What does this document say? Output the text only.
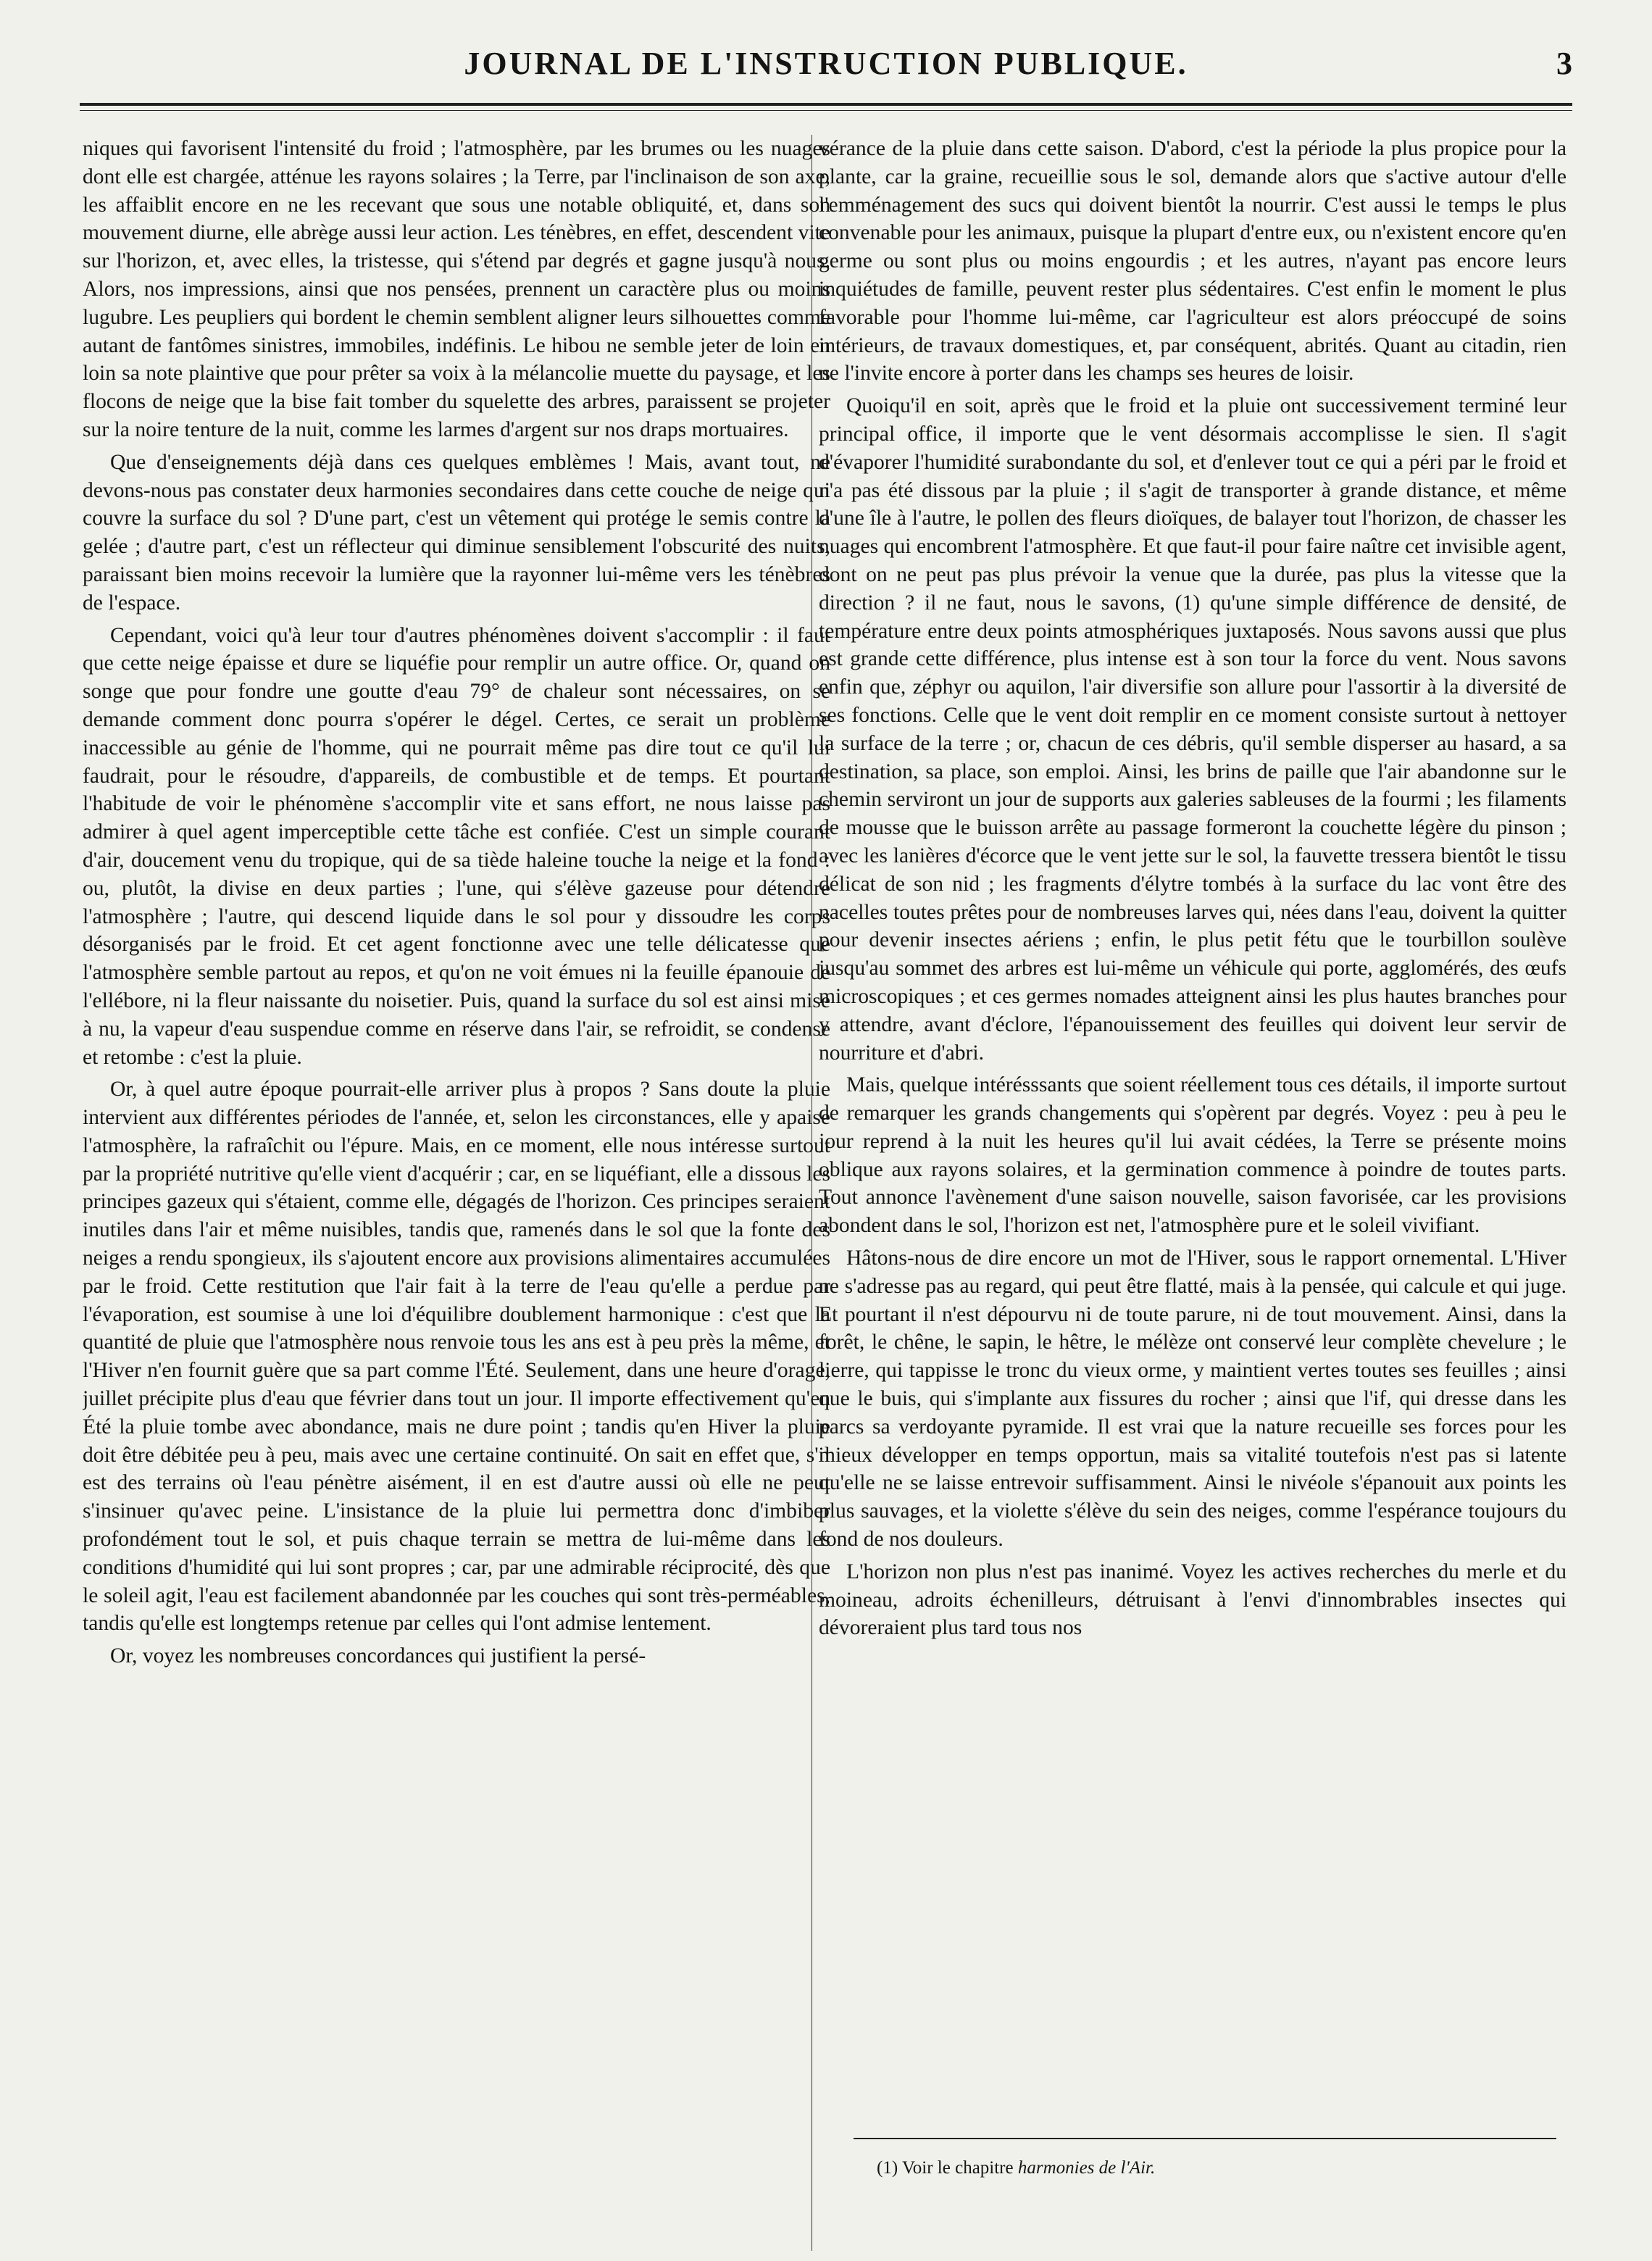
JOURNAL DE L'INSTRUCTION PUBLIQUE.	3

niques qui favorisent l'intensité du froid ; l'atmosphère, par les brumes ou les nuages dont elle est chargée, atténue les rayons solaires ; la Terre, par l'inclinaison de son axe, les affaiblit encore en ne les recevant que sous une notable obliquité, et, dans son mouvement diurne, elle abrège aussi leur action. Les ténèbres, en effet, descendent vite sur l'horizon, et, avec elles, la tristesse, qui s'étend par degrés et gagne jusqu'à nous. Alors, nos impressions, ainsi que nos pensées, prennent un caractère plus ou moins lugubre. Les peupliers qui bordent le chemin semblent aligner leurs silhouettes comme autant de fantômes sinistres, immobiles, indéfinis. Le hibou ne semble jeter de loin en loin sa note plaintive que pour prêter sa voix à la mélancolie muette du paysage, et les flocons de neige que la bise fait tomber du squelette des arbres, paraissent se projeter sur la noire tenture de la nuit, comme les larmes d'argent sur nos draps mortuaires.

Que d'enseignements déjà dans ces quelques emblèmes ! Mais, avant tout, ne devons-nous pas constater deux harmonies secondaires dans cette couche de neige qui couvre la surface du sol ? D'une part, c'est un vêtement qui protége le semis contre la gelée ; d'autre part, c'est un réflecteur qui diminue sensiblement l'obscurité des nuits, paraissant bien moins recevoir la lumière que la rayonner lui-même vers les ténèbres de l'espace.

Cependant, voici qu'à leur tour d'autres phénomènes doivent s'accomplir : il faut que cette neige épaisse et dure se liquéfie pour remplir un autre office. Or, quand on songe que pour fondre une goutte d'eau 79° de chaleur sont nécessaires, on se demande comment donc pourra s'opérer le dégel. Certes, ce serait un problème inaccessible au génie de l'homme, qui ne pourrait même pas dire tout ce qu'il lui faudrait, pour le résoudre, d'appareils, de combustible et de temps. Et pourtant l'habitude de voir le phénomène s'accomplir vite et sans effort, ne nous laisse pas admirer à quel agent imperceptible cette tâche est confiée. C'est un simple courant d'air, doucement venu du tropique, qui de sa tiède haleine touche la neige et la fond : ou, plutôt, la divise en deux parties ; l'une, qui s'élève gazeuse pour détendre l'atmosphère ; l'autre, qui descend liquide dans le sol pour y dissoudre les corps désorganisés par le froid. Et cet agent fonctionne avec une telle délicatesse que l'atmosphère semble partout au repos, et qu'on ne voit émues ni la feuille épanouie de l'ellébore, ni la fleur naissante du noisetier. Puis, quand la surface du sol est ainsi mise à nu, la vapeur d'eau suspendue comme en réserve dans l'air, se refroidit, se condense et retombe : c'est la pluie.

Or, à quel autre époque pourrait-elle arriver plus à propos ? Sans doute la pluie intervient aux différentes périodes de l'année, et, selon les circonstances, elle y apaise l'atmosphère, la rafraîchit ou l'épure. Mais, en ce moment, elle nous intéresse surtout par la propriété nutritive qu'elle vient d'acquérir ; car, en se liquéfiant, elle a dissous les principes gazeux qui s'étaient, comme elle, dégagés de l'horizon. Ces principes seraient inutiles dans l'air et même nuisibles, tandis que, ramenés dans le sol que la fonte des neiges a rendu spongieux, ils s'ajoutent encore aux provisions alimentaires accumulées par le froid. Cette restitution que l'air fait à la terre de l'eau qu'elle a perdue par l'évaporation, est soumise à une loi d'équilibre doublement harmonique : c'est que la quantité de pluie que l'atmosphère nous renvoie tous les ans est à peu près la même, et l'Hiver n'en fournit guère que sa part comme l'Été. Seulement, dans une heure d'orage, juillet précipite plus d'eau que février dans tout un jour. Il importe effectivement qu'en Été la pluie tombe avec abondance, mais ne dure point ; tandis qu'en Hiver la pluie doit être débitée peu à peu, mais avec une certaine continuité. On sait en effet que, s'il est des terrains où l'eau pénètre aisément, il en est d'autre aussi où elle ne peut s'insinuer qu'avec peine. L'insistance de la pluie lui permettra donc d'imbiber profondément tout le sol, et puis chaque terrain se mettra de lui-même dans les conditions d'humidité qui lui sont propres ; car, par une admirable réciprocité, dès que le soleil agit, l'eau est facilement abandonnée par les couches qui sont très-perméables, tandis qu'elle est longtemps retenue par celles qui l'ont admise lentement.

Or, voyez les nombreuses concordances qui justifient la persé-

vérance de la pluie dans cette saison. D'abord, c'est la période la plus propice pour la plante, car la graine, recueillie sous le sol, demande alors que s'active autour d'elle l'emménagement des sucs qui doivent bientôt la nourrir. C'est aussi le temps le plus convenable pour les animaux, puisque la plupart d'entre eux, ou n'existent encore qu'en germe ou sont plus ou moins engourdis ; et les autres, n'ayant pas encore leurs inquiétudes de famille, peuvent rester plus sédentaires. C'est enfin le moment le plus favorable pour l'homme lui-même, car l'agriculteur est alors préoccupé de soins intérieurs, de travaux domestiques, et, par conséquent, abrités. Quant au citadin, rien ne l'invite encore à porter dans les champs ses heures de loisir.

Quoiqu'il en soit, après que le froid et la pluie ont successivement terminé leur principal office, il importe que le vent désormais accomplisse le sien. Il s'agit d'évaporer l'humidité surabondante du sol, et d'enlever tout ce qui a péri par le froid et n'a pas été dissous par la pluie ; il s'agit de transporter à grande distance, et même d'une île à l'autre, le pollen des fleurs dioïques, de balayer tout l'horizon, de chasser les nuages qui encombrent l'atmosphère. Et que faut-il pour faire naître cet invisible agent, dont on ne peut pas plus prévoir la venue que la durée, pas plus la vitesse que la direction ? il ne faut, nous le savons, (1) qu'une simple différence de densité, de température entre deux points atmosphériques juxtaposés. Nous savons aussi que plus est grande cette différence, plus intense est à son tour la force du vent. Nous savons enfin que, zéphyr ou aquilon, l'air diversifie son allure pour l'assortir à la diversité de ses fonctions. Celle que le vent doit remplir en ce moment consiste surtout à nettoyer la surface de la terre ; or, chacun de ces débris, qu'il semble disperser au hasard, a sa destination, sa place, son emploi. Ainsi, les brins de paille que l'air abandonne sur le chemin serviront un jour de supports aux galeries sableuses de la fourmi ; les filaments de mousse que le buisson arrête au passage formeront la couchette légère du pinson ; avec les lanières d'écorce que le vent jette sur le sol, la fauvette tressera bientôt le tissu délicat de son nid ; les fragments d'élytre tombés à la surface du lac vont être des nacelles toutes prêtes pour de nombreuses larves qui, nées dans l'eau, doivent la quitter pour devenir insectes aériens ; enfin, le plus petit fétu que le tourbillon soulève jusqu'au sommet des arbres est lui-même un véhicule qui porte, agglomérés, des œufs microscopiques ; et ces germes nomades atteignent ainsi les plus hautes branches pour y attendre, avant d'éclore, l'épanouissement des feuilles qui doivent leur servir de nourriture et d'abri.

Mais, quelque intérésssants que soient réellement tous ces détails, il importe surtout de remarquer les grands changements qui s'opèrent par degrés. Voyez : peu à peu le jour reprend à la nuit les heures qu'il lui avait cédées, la Terre se présente moins oblique aux rayons solaires, et la germination commence à poindre de toutes parts. Tout annonce l'avènement d'une saison nouvelle, saison favorisée, car les provisions abondent dans le sol, l'horizon est net, l'atmosphère pure et le soleil vivifiant.

Hâtons-nous de dire encore un mot de l'Hiver, sous le rapport ornemental. L'Hiver ne s'adresse pas au regard, qui peut être flatté, mais à la pensée, qui calcule et qui juge. Et pourtant il n'est dépourvu ni de toute parure, ni de tout mouvement. Ainsi, dans la forêt, le chêne, le sapin, le hêtre, le mélèze ont conservé leur complète chevelure ; le lierre, qui tappisse le tronc du vieux orme, y maintient vertes toutes ses feuilles ; ainsi que le buis, qui s'implante aux fissures du rocher ; ainsi que l'if, qui dresse dans les parcs sa verdoyante pyramide. Il est vrai que la nature recueille ses forces pour les mieux développer en temps opportun, mais sa vitalité toutefois n'est pas si latente qu'elle ne se laisse entrevoir suffisamment. Ainsi le nivéole s'épanouit aux points les plus sauvages, et la violette s'élève du sein des neiges, comme l'espérance toujours du fond de nos douleurs.

L'horizon non plus n'est pas inanimé. Voyez les actives recherches du merle et du moineau, adroits échenilleurs, détruisant à l'envi d'innombrables insectes qui dévoreraient plus tard tous nos

(1) Voir le chapitre harmonies de l'Air.
